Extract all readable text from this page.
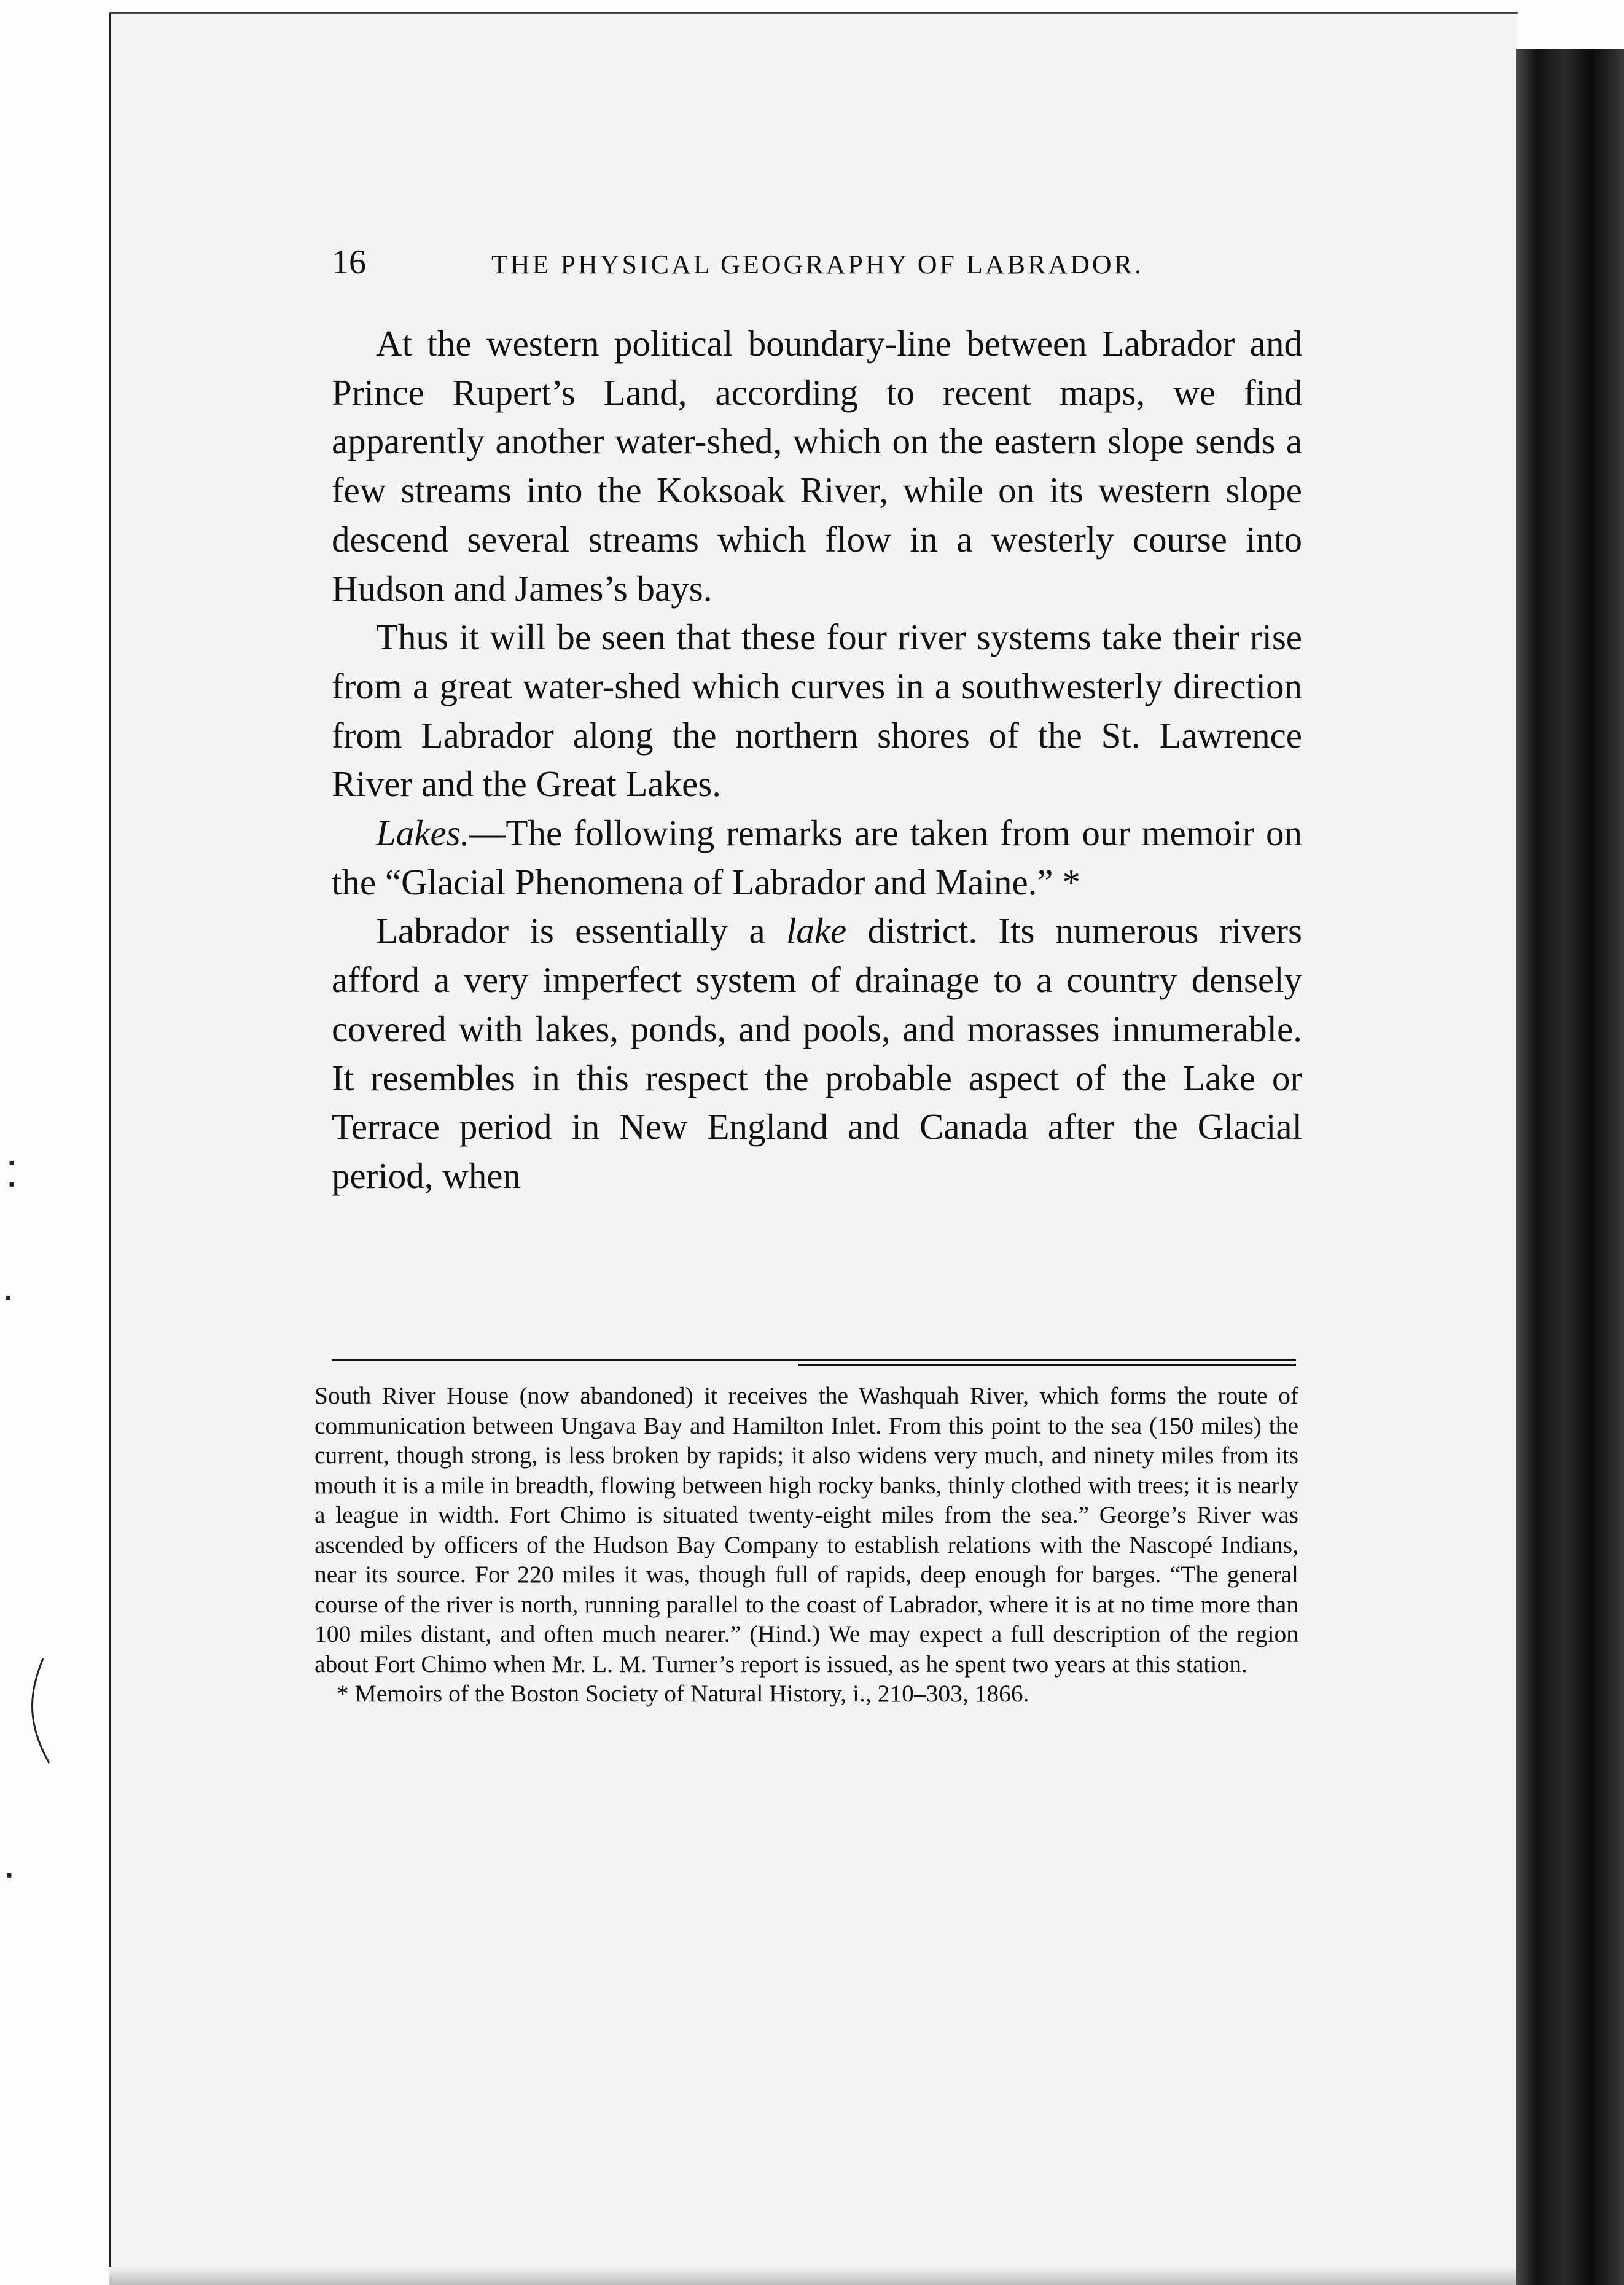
▪
▪
▪
▪
16	THE PHYSICAL GEOGRAPHY OF LABRADOR.

At the western political boundary-line between Labrador and Prince Rupert’s Land, according to recent maps, we find apparently another water-shed, which on the eastern slope sends a few streams into the Koksoak River, while on its western slope descend several streams which flow in a westerly course into Hudson and James’s bays.

Thus it will be seen that these four river systems take their rise from a great water-shed which curves in a southwesterly direction from Labrador along the northern shores of the St. Lawrence River and the Great Lakes.

Lakes.—The following remarks are taken from our memoir on the “Glacial Phenomena of Labrador and Maine.” *

Labrador is essentially a lake district. Its numerous rivers afford a very imperfect system of drainage to a country densely covered with lakes, ponds, and pools, and morasses innumerable. It resembles in this respect the probable aspect of the Lake or Terrace period in New England and Canada after the Glacial period, when

South River House (now abandoned) it receives the Washquah River, which forms the route of communication between Ungava Bay and Hamilton Inlet. From this point to the sea (150 miles) the current, though strong, is less broken by rapids; it also widens very much, and ninety miles from its mouth it is a mile in breadth, flowing between high rocky banks, thinly clothed with trees; it is nearly a league in width. Fort Chimo is situated twenty-eight miles from the sea.” George’s River was ascended by officers of the Hudson Bay Company to establish relations with the Nascopé Indians, near its source. For 220 miles it was, though full of rapids, deep enough for barges. “The general course of the river is north, running parallel to the coast of Labrador, where it is at no time more than 100 miles distant, and often much nearer.” (Hind.) We may expect a full description of the region about Fort Chimo when Mr. L. M. Turner’s report is issued, as he spent two years at this station.

* Memoirs of the Boston Society of Natural History, i., 210–303, 1866.
